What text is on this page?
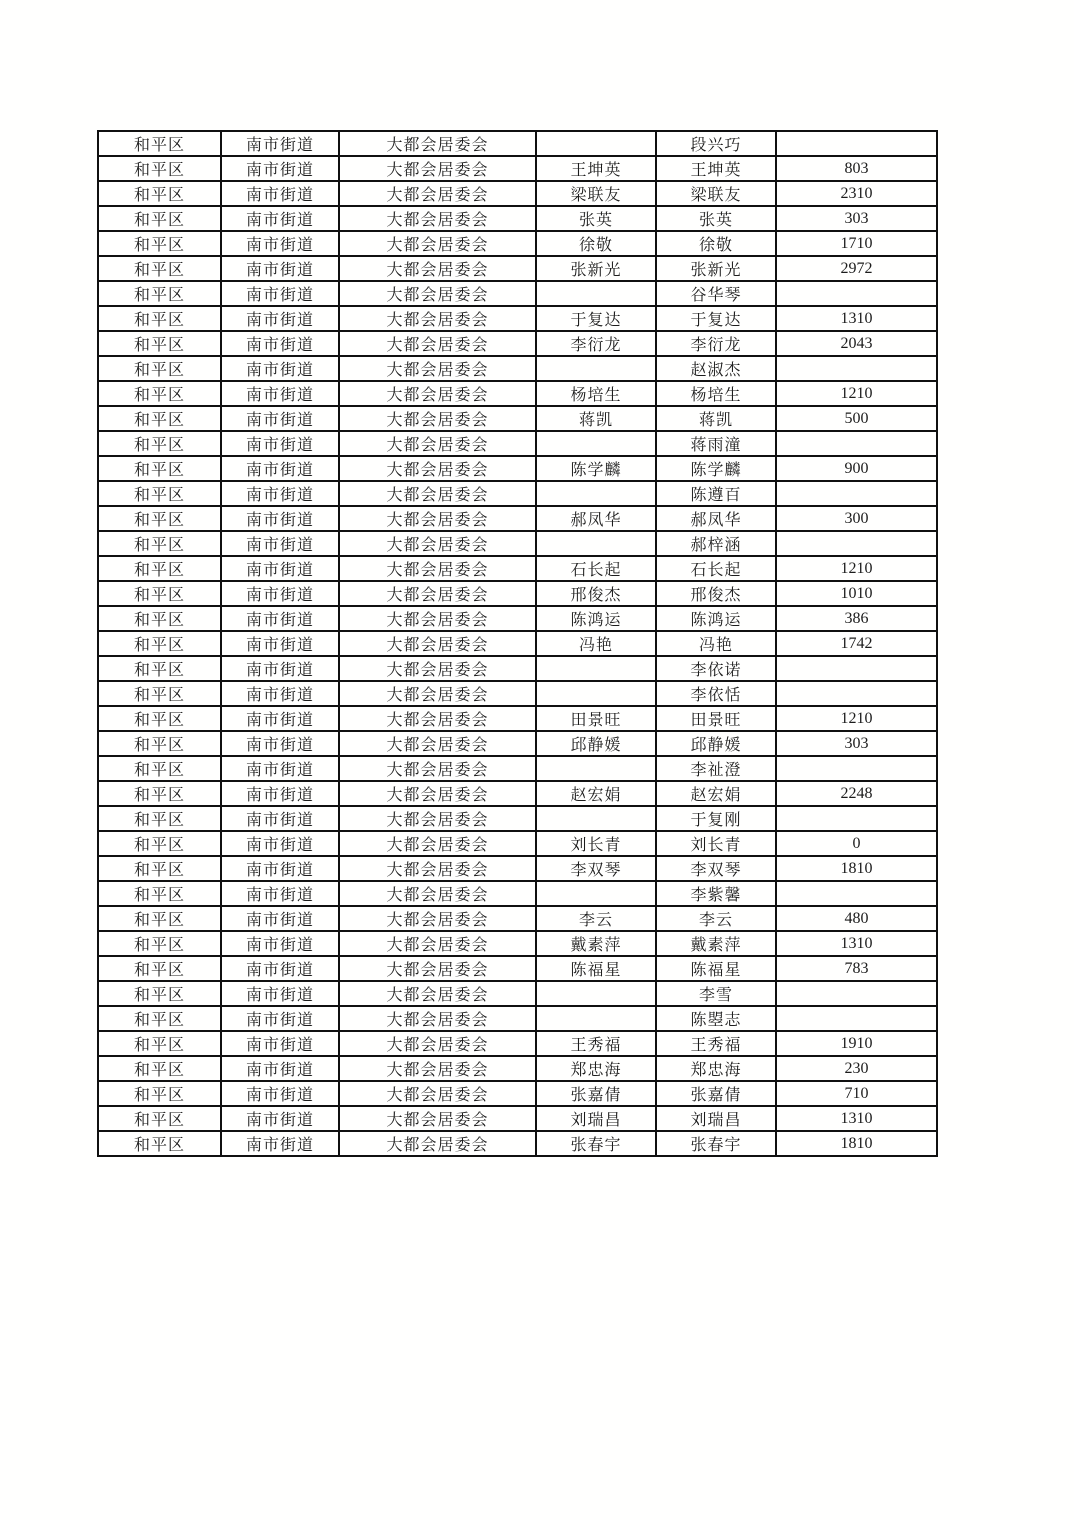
和平区	南市街道	大都会居委会		段兴巧	
和平区	南市街道	大都会居委会	王坤英	王坤英	803
和平区	南市街道	大都会居委会	梁联友	梁联友	2310
和平区	南市街道	大都会居委会	张英	张英	303
和平区	南市街道	大都会居委会	徐敬	徐敬	1710
和平区	南市街道	大都会居委会	张新光	张新光	2972
和平区	南市街道	大都会居委会		谷华琴	
和平区	南市街道	大都会居委会	于复达	于复达	1310
和平区	南市街道	大都会居委会	李衍龙	李衍龙	2043
和平区	南市街道	大都会居委会		赵淑杰	
和平区	南市街道	大都会居委会	杨培生	杨培生	1210
和平区	南市街道	大都会居委会	蒋凯	蒋凯	500
和平区	南市街道	大都会居委会		蒋雨潼	
和平区	南市街道	大都会居委会	陈学麟	陈学麟	900
和平区	南市街道	大都会居委会		陈遵百	
和平区	南市街道	大都会居委会	郝凤华	郝凤华	300
和平区	南市街道	大都会居委会		郝梓涵	
和平区	南市街道	大都会居委会	石长起	石长起	1210
和平区	南市街道	大都会居委会	邢俊杰	邢俊杰	1010
和平区	南市街道	大都会居委会	陈鸿运	陈鸿运	386
和平区	南市街道	大都会居委会	冯艳	冯艳	1742
和平区	南市街道	大都会居委会		李依诺	
和平区	南市街道	大都会居委会		李依恬	
和平区	南市街道	大都会居委会	田景旺	田景旺	1210
和平区	南市街道	大都会居委会	邱静媛	邱静媛	303
和平区	南市街道	大都会居委会		李祉澄	
和平区	南市街道	大都会居委会	赵宏娟	赵宏娟	2248
和平区	南市街道	大都会居委会		于复刚	
和平区	南市街道	大都会居委会	刘长青	刘长青	0
和平区	南市街道	大都会居委会	李双琴	李双琴	1810
和平区	南市街道	大都会居委会		李紫馨	
和平区	南市街道	大都会居委会	李云	李云	480
和平区	南市街道	大都会居委会	戴素萍	戴素萍	1310
和平区	南市街道	大都会居委会	陈福星	陈福星	783
和平区	南市街道	大都会居委会		李雪	
和平区	南市街道	大都会居委会		陈曌志	
和平区	南市街道	大都会居委会	王秀福	王秀福	1910
和平区	南市街道	大都会居委会	郑忠海	郑忠海	230
和平区	南市街道	大都会居委会	张嘉倩	张嘉倩	710
和平区	南市街道	大都会居委会	刘瑞昌	刘瑞昌	1310
和平区	南市街道	大都会居委会	张春宇	张春宇	1810
